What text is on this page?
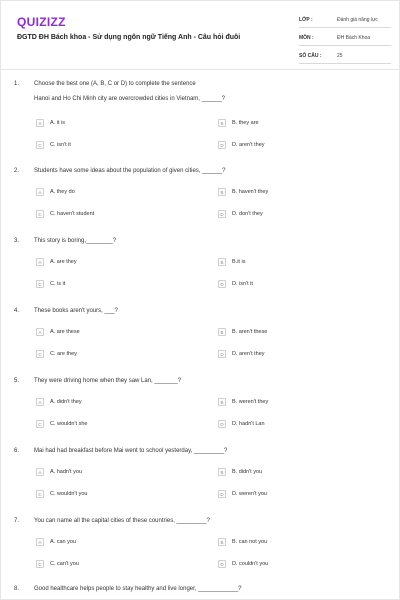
QUIZIZZ
ĐGTD ĐH Bách khoa - Sử dụng ngôn ngữ Tiếng Anh - Câu hỏi đuôi
LỚP :	Đánh giá năng lực
MÔN :	ĐH Bách Khoa
SỐ CÂU :	25
1. Choose the best one (A, B, C or D) to complete the sentence
Hanoi and Ho Chi Minh city are overcrowded cities in Vietnam, ______?
A	A. it is	B	B. they are
C	C. isn't it	D	D. aren't they
2. Students have some ideas about the population of given cities, ______?
A	A. they do	B	B. haven't they
C	C. haven't student	D	D. don't they
3. This story is boring,________?
A	A. are they	B	B.it is
C	C. is it	D	D. isn't it
4. These books aren't yours, ___?
A	A. are these	B	B. aren't these
C	C. are they	D	D. aren't they
5. They were driving home when they saw Lan, _______?
A	A. didn't they	B	B. weren't they
C	C. wouldn't she	D	D. hadn't Lan
6. Mai had had breakfast before Mai went to school yesterday, _________?
A	A. hadn't you	B	B. didn't you
C	C. wouldn't you	D	D. weren't you
7. You can name all the capital cities of these countries, _________?
A	A. can you	B	B. can not you
C	C. can't you	D	D. couldn't you
8. Good healthcare helps people to stay healthy and live longer, ____________?
